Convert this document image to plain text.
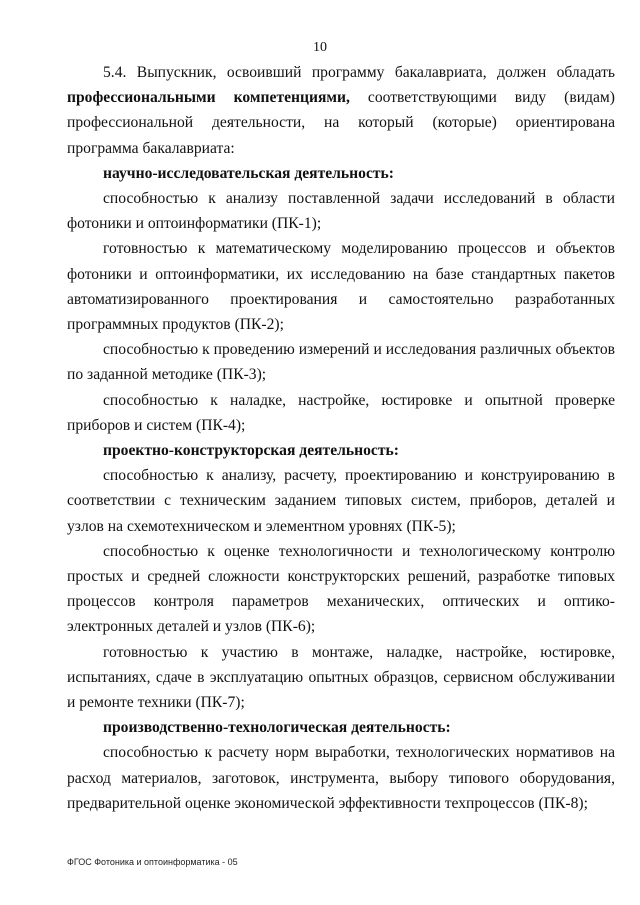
10

5.4. Выпускник, освоивший программу бакалавриата, должен обладать профессиональными компетенциями, соответствующими виду (видам) профессиональной деятельности, на который (которые) ориентирована программа бакалавриата:

научно-исследовательская деятельность:

способностью к анализу поставленной задачи исследований в области фотоники и оптоинформатики (ПК-1);

готовностью к математическому моделированию процессов и объектов фотоники и оптоинформатики, их исследованию на базе стандартных пакетов автоматизированного проектирования и самостоятельно разработанных программных продуктов (ПК-2);

способностью к проведению измерений и исследования различных объектов по заданной методике (ПК-3);

способностью к наладке, настройке, юстировке и опытной проверке приборов и систем (ПК-4);

проектно-конструкторская деятельность:

способностью к анализу, расчету, проектированию и конструированию в соответствии с техническим заданием типовых систем, приборов, деталей и узлов на схемотехническом и элементном уровнях (ПК-5);

способностью к оценке технологичности и технологическому контролю простых и средней сложности конструкторских решений, разработке типовых процессов контроля параметров механических, оптических и оптико-электронных деталей и узлов (ПК-6);

готовностью к участию в монтаже, наладке, настройке, юстировке, испытаниях, сдаче в эксплуатацию опытных образцов, сервисном обслуживании и ремонте техники (ПК-7);

производственно-технологическая деятельность:

способностью к расчету норм выработки, технологических нормативов на расход материалов, заготовок, инструмента, выбору типового оборудования, предварительной оценке экономической эффективности техпроцессов (ПК-8);

ФГОС Фотоника и оптоинформатика - 05
